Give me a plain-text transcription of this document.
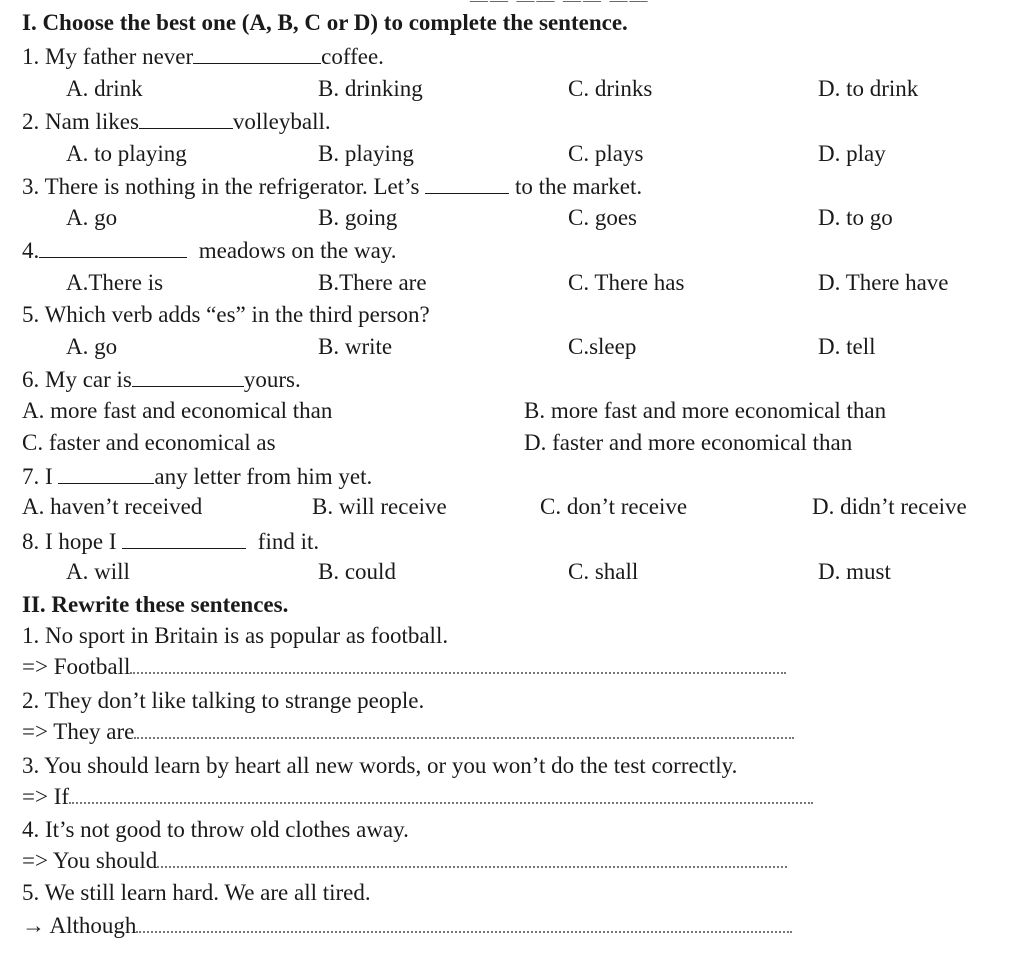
—— —— —— ——
I. Choose the best one (A, B, C or D) to complete the sentence.
1. My father never	coffee.
A. drink	B. drinking	C. drinks	D. to drink
2. Nam likes	volleyball.
A. to playing	B. playing	C. plays	D. play
3. There is nothing in the refrigerator. Let’s	to the market.
A. go	B. going	C. goes	D. to go
4.	meadows on the way.
A.There is	B.There are	C. There has	D. There have
5. Which verb adds “es” in the third person?
A. go	B. write	C.sleep	D. tell
6. My car is	yours.
A. more fast and economical than	B. more fast and more economical than
C. faster and economical as	D. faster and more economical than
7. I	any letter from him yet.
A. haven’t received	B. will receive	C. don’t receive	D. didn’t receive
8. I hope I	find it.
A. will	B. could	C. shall	D. must
II. Rewrite these sentences.
1. No sport in Britain is as popular as football.
=> Football
2. They don’t like talking to strange people.
=> They are
3. You should learn by heart all new words, or you won’t do the test correctly.
=> If
4. It’s not good to throw old clothes away.
=> You should
5. We still learn hard. We are all tired.
→ Although
